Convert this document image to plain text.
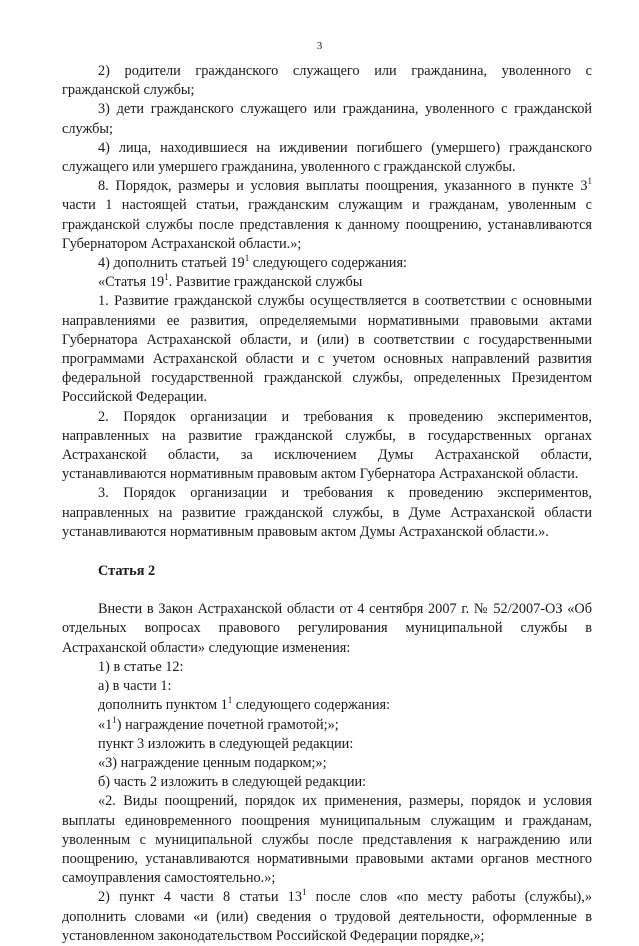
3

2) родители гражданского служащего или гражданина, уволенного с гражданской службы;

3) дети гражданского служащего или гражданина, уволенного с гражданской службы;

4) лица, находившиеся на иждивении погибшего (умершего) гражданского служащего или умершего гражданина, уволенного с гражданской службы.

8. Порядок, размеры и условия выплаты поощрения, указанного в пункте $3^1$ части 1 настоящей статьи, гражданским служащим и гражданам, уволенным с гражданской службы после представления к данному поощрению, устанавливаются Губернатором Астраханской области.»;

4) дополнить статьей $19^1$ следующего содержания:

«Статья $19^1$. Развитие гражданской службы

1. Развитие гражданской службы осуществляется в соответствии с основными направлениями ее развития, определяемыми нормативными правовыми актами Губернатора Астраханской области, и (или) в соответствии с государственными программами Астраханской области и с учетом основных направлений развития федеральной государственной гражданской службы, определенных Президентом Российской Федерации.

2. Порядок организации и требования к проведению экспериментов, направленных на развитие гражданской службы, в государственных органах Астраханской области, за исключением Думы Астраханской области, устанавливаются нормативным правовым актом Губернатора Астраханской области.

3. Порядок организации и требования к проведению экспериментов, направленных на развитие гражданской службы, в Думе Астраханской области устанавливаются нормативным правовым актом Думы Астраханской области.».

Статья 2

Внести в Закон Астраханской области от 4 сентября 2007 г. № 52/2007-ОЗ «Об отдельных вопросах правового регулирования муниципальной службы в Астраханской области» следующие изменения:

1) в статье 12:

а) в части 1:

дополнить пунктом $1^1$ следующего содержания:

«$1^1$) награждение почетной грамотой;»;

пункт 3 изложить в следующей редакции:

«3) награждение ценным подарком;»;

б) часть 2 изложить в следующей редакции:

«2. Виды поощрений, порядок их применения, размеры, порядок и условия выплаты единовременного поощрения муниципальным служащим и гражданам, уволенным с муниципальной службы после представления к награждению или поощрению, устанавливаются нормативными правовыми актами органов местного самоуправления самостоятельно.»;

2) пункт 4 части 8 статьи $13^1$ после слов «по месту работы (службы),» дополнить словами «и (или) сведения о трудовой деятельности, оформленные в установленном законодательством Российской Федерации порядке,»;
